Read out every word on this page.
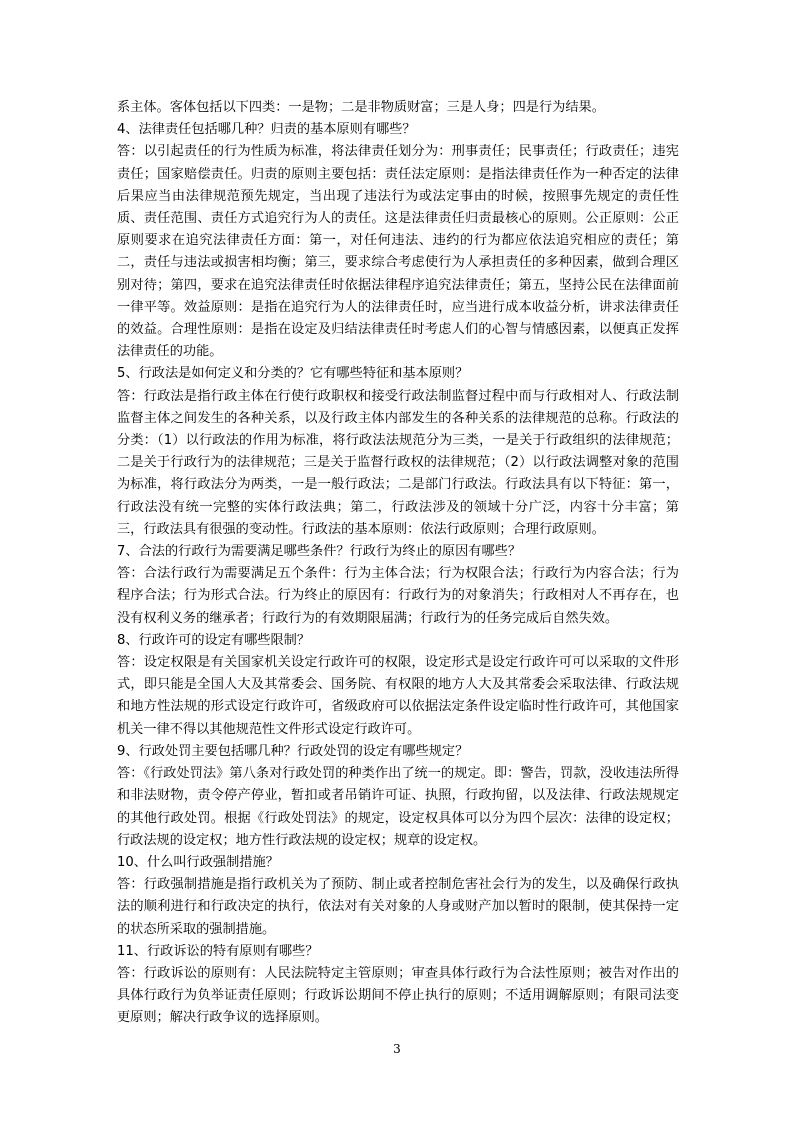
系主体。客体包括以下四类：一是物；二是非物质财富；三是人身；四是行为结果。

4、法律责任包括哪几种？归责的基本原则有哪些？

答：以引起责任的行为性质为标准，将法律责任划分为：刑事责任；民事责任；行政责任；违宪责任；国家赔偿责任。归责的原则主要包括：责任法定原则：是指法律责任作为一种否定的法律后果应当由法律规范预先规定，当出现了违法行为或法定事由的时候，按照事先规定的责任性质、责任范围、责任方式追究行为人的责任。这是法律责任归责最核心的原则。公正原则：公正原则要求在追究法律责任方面：第一，对任何违法、违约的行为都应依法追究相应的责任；第二，责任与违法或损害相均衡；第三，要求综合考虑使行为人承担责任的多种因素，做到合理区别对待；第四，要求在追究法律责任时依据法律程序追究法律责任；第五，坚持公民在法律面前一律平等。效益原则：是指在追究行为人的法律责任时，应当进行成本收益分析，讲求法律责任的效益。合理性原则：是指在设定及归结法律责任时考虑人们的心智与情感因素，以便真正发挥法律责任的功能。

5、行政法是如何定义和分类的？它有哪些特征和基本原则？

答：行政法是指行政主体在行使行政职权和接受行政法制监督过程中而与行政相对人、行政法制监督主体之间发生的各种关系，以及行政主体内部发生的各种关系的法律规范的总称。行政法的分类：（1）以行政法的作用为标准，将行政法法规范分为三类，一是关于行政组织的法律规范；二是关于行政行为的法律规范；三是关于监督行政权的法律规范；（2）以行政法调整对象的范围为标准，将行政法分为两类，一是一般行政法；二是部门行政法。行政法具有以下特征：第一，行政法没有统一完整的实体行政法典；第二，行政法涉及的领域十分广泛，内容十分丰富；第三，行政法具有很强的变动性。行政法的基本原则：依法行政原则；合理行政原则。

7、合法的行政行为需要满足哪些条件？行政行为终止的原因有哪些？

答：合法行政行为需要满足五个条件：行为主体合法；行为权限合法；行政行为内容合法；行为程序合法；行为形式合法。行为终止的原因有：行政行为的对象消失；行政相对人不再存在，也没有权利义务的继承者；行政行为的有效期限届满；行政行为的任务完成后自然失效。

8、行政许可的设定有哪些限制？

答：设定权限是有关国家机关设定行政许可的权限，设定形式是设定行政许可可以采取的文件形式，即只能是全国人大及其常委会、国务院、有权限的地方人大及其常委会采取法律、行政法规和地方性法规的形式设定行政许可，省级政府可以依据法定条件设定临时性行政许可，其他国家机关一律不得以其他规范性文件形式设定行政许可。

9、行政处罚主要包括哪几种？行政处罚的设定有哪些规定？

答：《行政处罚法》第八条对行政处罚的种类作出了统一的规定。即：警告，罚款，没收违法所得和非法财物，责令停产停业，暂扣或者吊销许可证、执照，行政拘留，以及法律、行政法规规定的其他行政处罚。根据《行政处罚法》的规定，设定权具体可以分为四个层次：法律的设定权；行政法规的设定权；地方性行政法规的设定权；规章的设定权。

10、什么叫行政强制措施？

答：行政强制措施是指行政机关为了预防、制止或者控制危害社会行为的发生，以及确保行政执法的顺利进行和行政决定的执行，依法对有关对象的人身或财产加以暂时的限制，使其保持一定的状态所采取的强制措施。

11、行政诉讼的特有原则有哪些？

答：行政诉讼的原则有：人民法院特定主管原则；审查具体行政行为合法性原则；被告对作出的具体行政行为负举证责任原则；行政诉讼期间不停止执行的原则；不适用调解原则；有限司法变更原则；解决行政争议的选择原则。

3
